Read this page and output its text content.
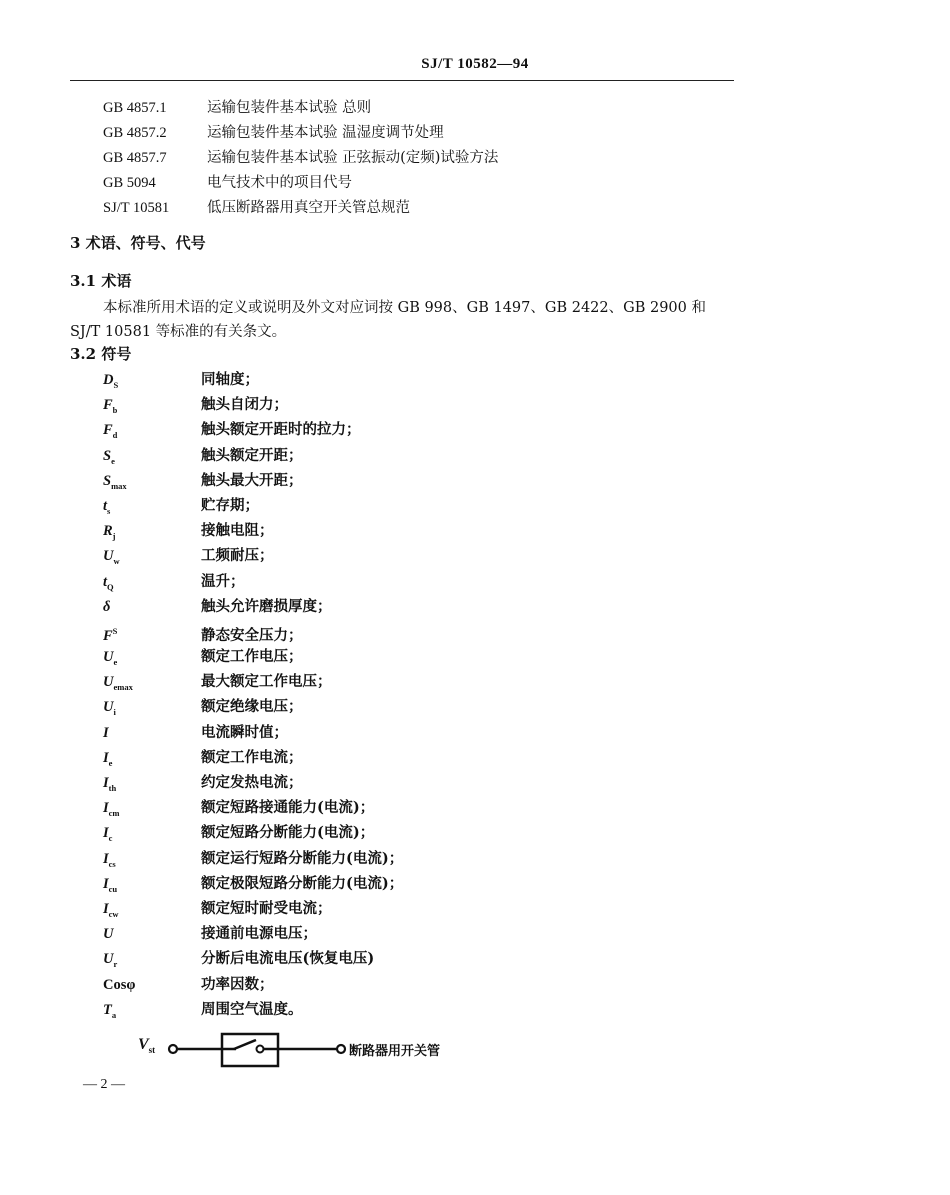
SJ/T 10582—94
GB 4857.1	运输包装件基本试验 总则
GB 4857.2	运输包装件基本试验 温湿度调节处理
GB 4857.7	运输包装件基本试验 正弦振动(定频)试验方法
GB 5094	电气技术中的项目代号
SJ/T 10581	低压断路器用真空开关管总规范
3 术语、符号、代号
3.1 术语
本标准所用术语的定义或说明及外文对应词按 GB 998、GB 1497、GB 2422、GB 2900 和
SJ/T 10581 等标准的有关条文。
3.2 符号
$D_S$	同轴度；
$F_b$	触头自闭力；
$F_d$	触头额定开距时的拉力；
$S_e$	触头额定开距；
$S_{max}$	触头最大开距；
$t_s$	贮存期；
$R_j$	接触电阻；
$U_w$	工频耐压；
$t_Q$	温升；
δ	触头允许磨损厚度；
$F^S$	静态安全压力；
$U_e$	额定工作电压；
$U_{emax}$	最大额定工作电压；
$U_i$	额定绝缘电压；
I	电流瞬时值；
$I_e$	额定工作电流；
$I_{th}$	约定发热电流；
$I_{cm}$	额定短路接通能力(电流)；
$I_c$	额定短路分断能力(电流)；
$I_{cs}$	额定运行短路分断能力(电流)；
$I_{cu}$	额定极限短路分断能力(电流)；
$I_{cw}$	额定短时耐受电流；
U	接通前电源电压；
$U_r$	分断后电流电压(恢复电压)
Cosφ	功率因数；
$T_a$	周围空气温度。
$V_{st}$	断路器用开关管
— 2 —
